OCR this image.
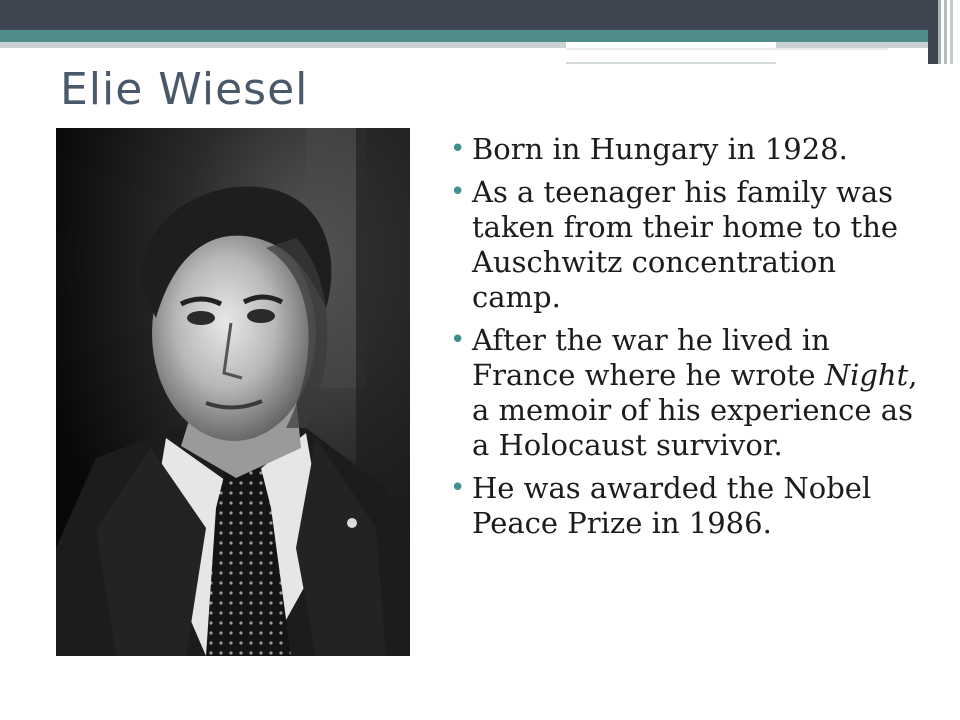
Elie Wiesel
• Born in Hungary in 1928.
• As a teenager his family was taken from their home to the Auschwitz concentration camp.
• After the war he lived in France where he wrote Night, a memoir of his experience as a Holocaust survivor.
• He was awarded the Nobel Peace Prize in 1986.
